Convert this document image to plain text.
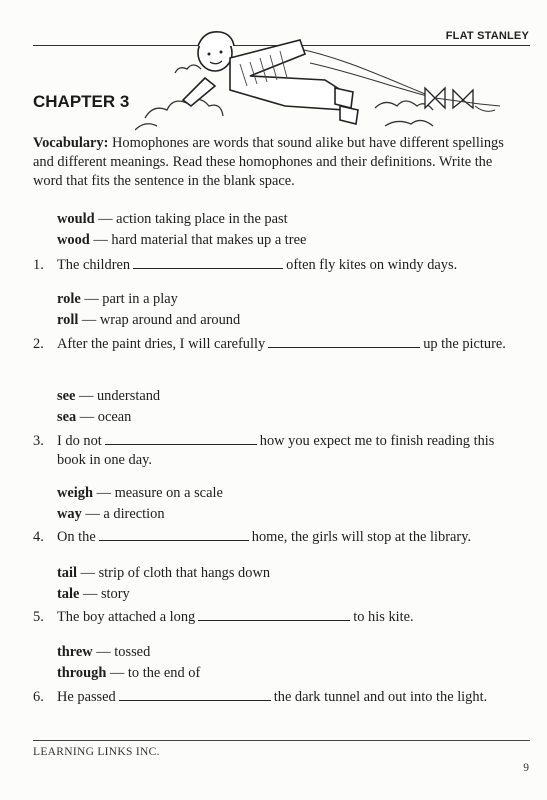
FLAT STANLEY
CHAPTER 3
Vocabulary: Homophones are words that sound alike but have different spellings and different meanings. Read these homophones and their definitions. Write the word that fits the sentence in the blank space.
would — action taking place in the past
wood — hard material that makes up a tree
1. The children	often fly kites on windy days.
role — part in a play
roll — wrap around and around
2. After the paint dries, I will carefully	up the picture.
see — understand
sea — ocean
3. I do not	how you expect me to finish reading this book in one day.
weigh — measure on a scale
way — a direction
4. On the	home, the girls will stop at the library.
tail — strip of cloth that hangs down
tale — story
5. The boy attached a long	to his kite.
threw — tossed
through — to the end of
6. He passed	the dark tunnel and out into the light.
LEARNING LINKS INC.
9
